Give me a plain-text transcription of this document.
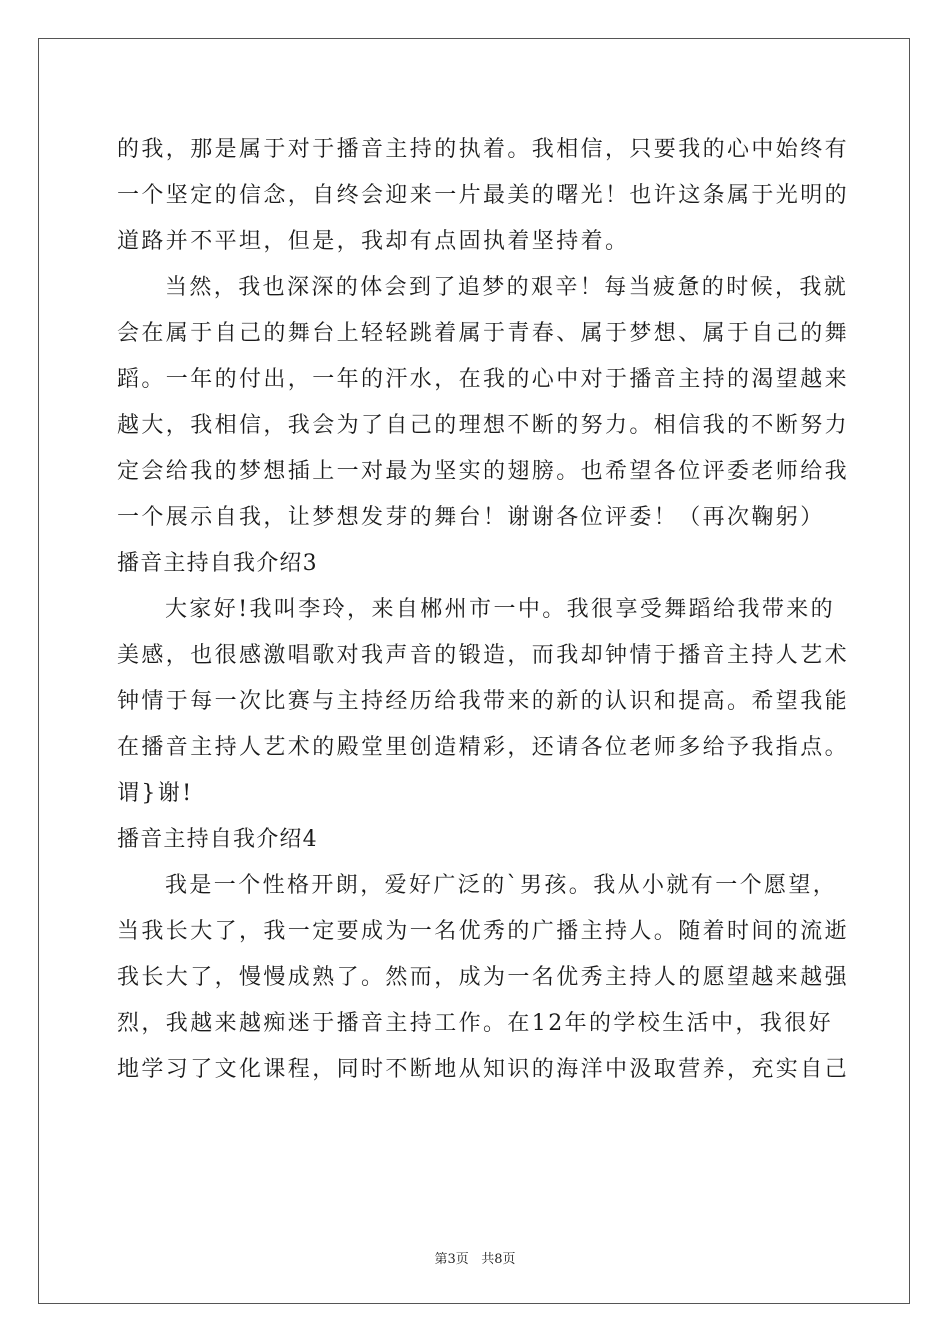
的我，那是属于对于播音主持的执着。我相信，只要我的心中始终有
一个坚定的信念，自终会迎来一片最美的曙光！也许这条属于光明的
道路并不平坦，但是，我却有点固执着坚持着。
当然，我也深深的体会到了追梦的艰辛！每当疲惫的时候，我就
会在属于自己的舞台上轻轻跳着属于青春、属于梦想、属于自己的舞
蹈。一年的付出，一年的汗水，在我的心中对于播音主持的渴望越来
越大，我相信，我会为了自己的理想不断的努力。相信我的不断努力
定会给我的梦想插上一对最为坚实的翅膀。也希望各位评委老师给我
一个展示自我，让梦想发芽的舞台！谢谢各位评委！（再次鞠躬）
播音主持自我介绍3
大家好!我叫李玲，来自郴州市一中。我很享受舞蹈给我带来的
美感，也很感激唱歌对我声音的锻造，而我却钟情于播音主持人艺术
钟情于每一次比赛与主持经历给我带来的新的认识和提高。希望我能
在播音主持人艺术的殿堂里创造精彩，还请各位老师多给予我指点。
谓}谢!
播音主持自我介绍4
我是一个性格开朗，爱好广泛的`男孩。我从小就有一个愿望，
当我长大了，我一定要成为一名优秀的广播主持人。随着时间的流逝
我长大了，慢慢成熟了。然而，成为一名优秀主持人的愿望越来越强
烈，我越来越痴迷于播音主持工作。在12年的学校生活中，我很好
地学习了文化课程，同时不断地从知识的海洋中汲取营养，充实自己
第3页 共8页
